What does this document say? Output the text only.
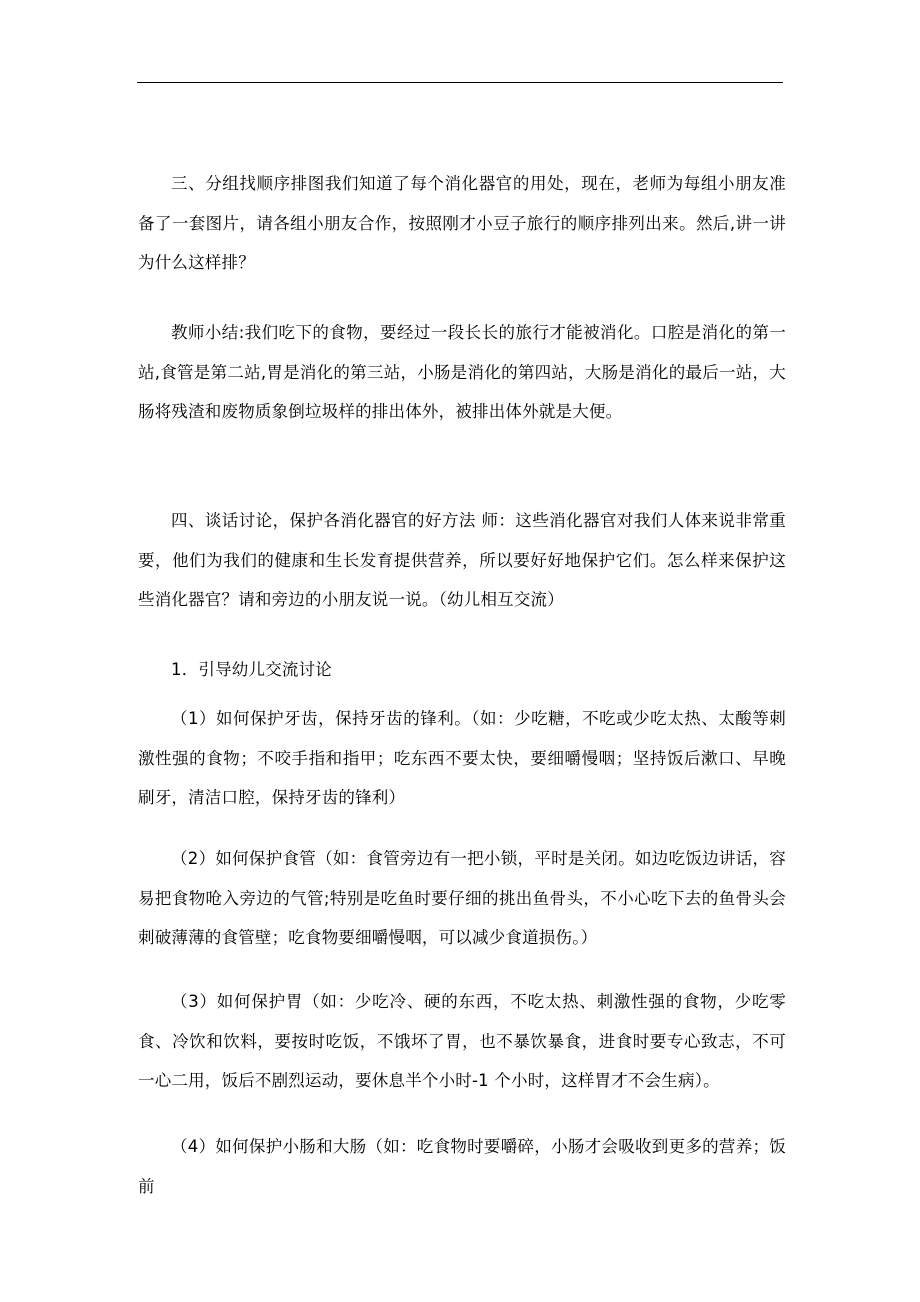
三、分组找顺序排图我们知道了每个消化器官的用处，现在，老师为每组小朋友准备了一套图片，请各组小朋友合作，按照刚才小豆子旅行的顺序排列出来。然后,讲一讲为什么这样排？

教师小结:我们吃下的食物，要经过一段长长的旅行才能被消化。口腔是消化的第一站,食管是第二站,胃是消化的第三站，小肠是消化的第四站，大肠是消化的最后一站，大肠将残渣和废物质象倒垃圾样的排出体外，被排出体外就是大便。

四、谈话讨论，保护各消化器官的好方法 师：这些消化器官对我们人体来说非常重要，他们为我们的健康和生长发育提供营养，所以要好好地保护它们。怎么样来保护这些消化器官？请和旁边的小朋友说一说。（幼儿相互交流）

1．引导幼儿交流讨论

（1）如何保护牙齿，保持牙齿的锋利。（如：少吃糖，不吃或少吃太热、太酸等刺激性强的食物；不咬手指和指甲；吃东西不要太快，要细嚼慢咽；坚持饭后漱口、早晚刷牙，清洁口腔，保持牙齿的锋利）

（2）如何保护食管（如：食管旁边有一把小锁，平时是关闭。如边吃饭边讲话，容易把食物呛入旁边的气管;特别是吃鱼时要仔细的挑出鱼骨头，不小心吃下去的鱼骨头会刺破薄薄的食管壁；吃食物要细嚼慢咽，可以减少食道损伤。）

（3）如何保护胃（如：少吃冷、硬的东西，不吃太热、刺激性强的食物，少吃零食、冷饮和饮料，要按时吃饭，不饿坏了胃，也不暴饮暴食，进食时要专心致志，不可一心二用，饭后不剧烈运动，要休息半个小时-1 个小时，这样胃才不会生病）。

（4）如何保护小肠和大肠（如：吃食物时要嚼碎，小肠才会吸收到更多的营养；饭前
